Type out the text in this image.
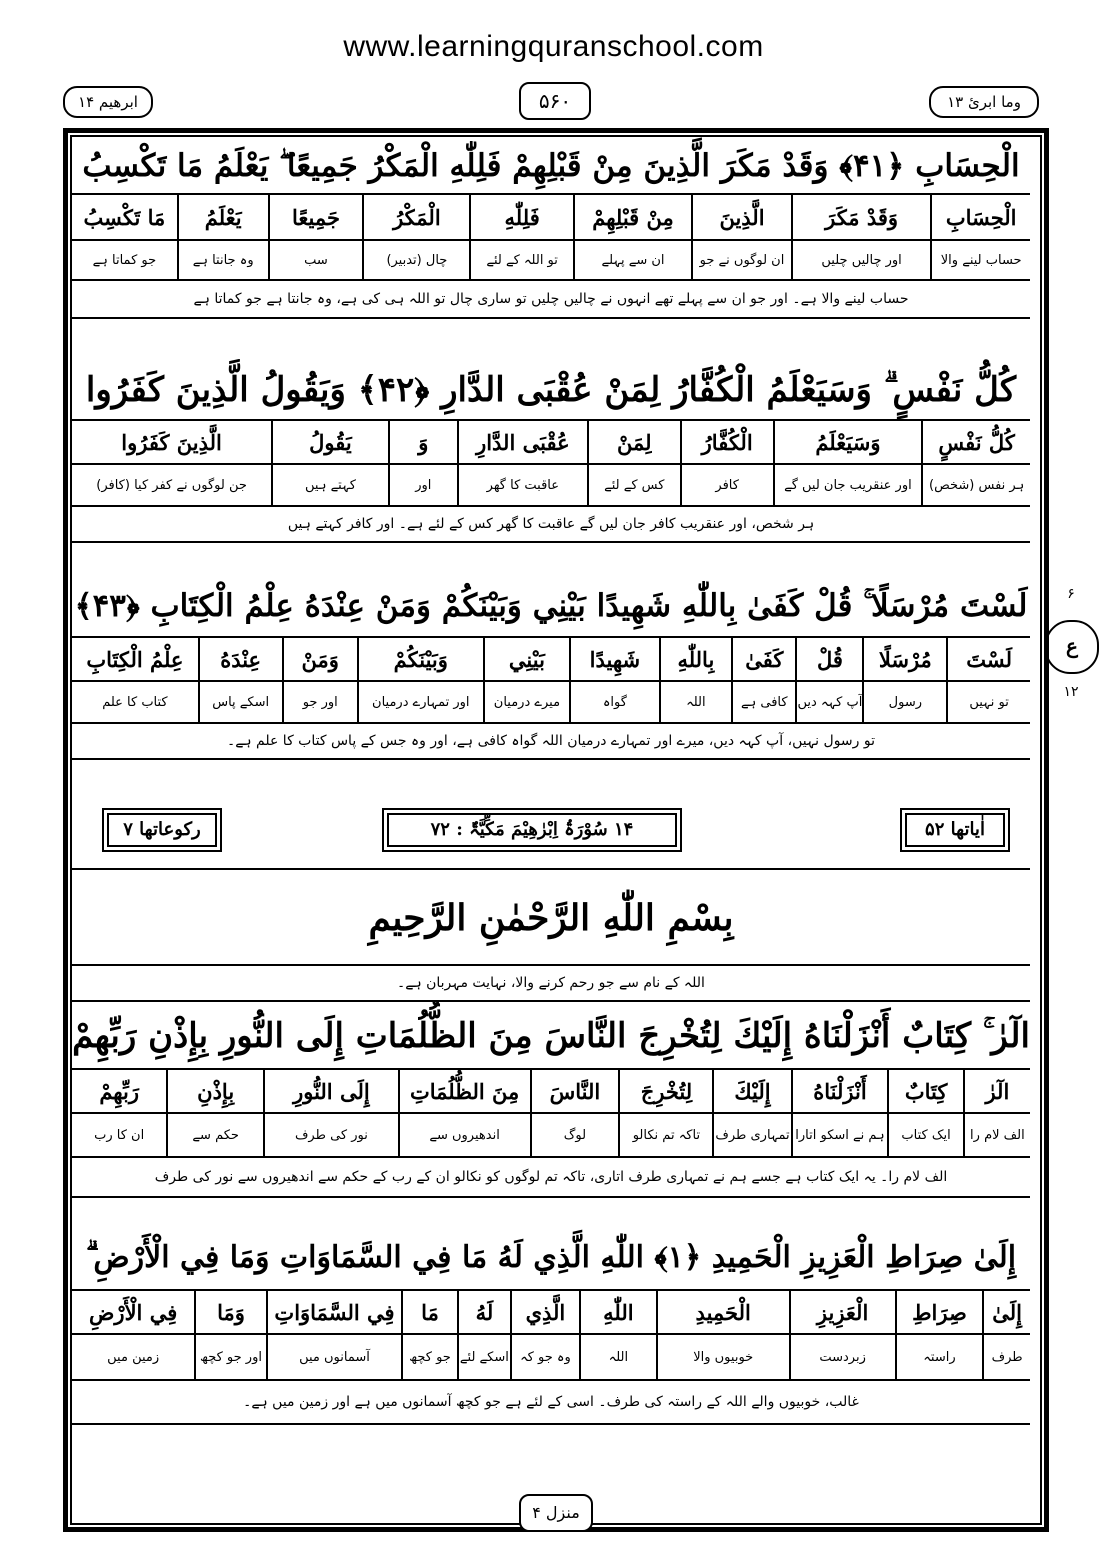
www.learningquranschool.com
ابرهيم ۱۴	۵۶۰	وما ابرئ ۱۳
۶
ع
۱۲
اٰیاتھا ۵۲
۱۴ سُوْرَۃُ اِبْرٰھِیْمَ مَکِّیَّۃٌ : ۷۲
رکوعاتھا ۷
بِسْمِ اللّٰهِ الرَّحْمٰنِ الرَّحِيمِ
اللہ کے نام سے جو رحم کرنے والا، نہایت مہربان ہے۔
الْحِسَابِ ﴿۴۱﴾ وَقَدْ مَكَرَ الَّذِينَ مِنْ قَبْلِهِمْ فَلِلّٰهِ الْمَكْرُ جَمِيعًا ۖ يَعْلَمُ مَا تَكْسِبُ
الْحِسَابِ
وَقَدْ مَكَرَ
الَّذِينَ
مِنْ قَبْلِهِمْ
فَلِلّٰهِ
الْمَكْرُ
جَمِيعًا
يَعْلَمُ
مَا تَكْسِبُ
حساب لینے والا
اور چالیں چلیں
ان لوگوں نے جو
ان سے پہلے
تو اللہ کے لئے
چال (تدبیر)
سب
وہ جانتا ہے
جو کماتا ہے
حساب لینے والا ہے۔ اور جو ان سے پہلے تھے انہوں نے چالیں چلیں تو ساری چال تو اللہ ہی کی ہے، وہ جانتا ہے جو کماتا ہے
كُلُّ نَفْسٍ ۗ وَسَيَعْلَمُ الْكُفَّارُ لِمَنْ عُقْبَى الدَّارِ ﴿۴۲﴾ وَيَقُولُ الَّذِينَ كَفَرُوا
كُلُّ نَفْسٍ
وَسَيَعْلَمُ
الْكُفَّارُ
لِمَنْ
عُقْبَى الدَّارِ
وَ
يَقُولُ
الَّذِينَ كَفَرُوا
ہر نفس (شخص)
اور عنقریب جان لیں گے
کافر
کس کے لئے
عاقبت کا گھر
اور
کہتے ہیں
جن لوگوں نے کفر کیا (کافر)
ہر شخص، اور عنقریب کافر جان لیں گے عاقبت کا گھر کس کے لئے ہے۔ اور کافر کہتے ہیں
لَسْتَ مُرْسَلًا ۚ قُلْ كَفَىٰ بِاللّٰهِ شَهِيدًا بَيْنِي وَبَيْنَكُمْ وَمَنْ عِنْدَهُ عِلْمُ الْكِتَابِ ﴿۴۳﴾
لَسْتَ
مُرْسَلًا
قُلْ
كَفَىٰ
بِاللّٰهِ
شَهِيدًا
بَيْنِي
وَبَيْنَكُمْ
وَمَنْ
عِنْدَهُ
عِلْمُ الْكِتَابِ
تو نہیں
رسول
آپ کہہ دیں
کافی ہے
اللہ
گواہ
میرے درمیان
اور تمہارے درمیان
اور جو
اسکے پاس
کتاب کا علم
تو رسول نہیں، آپ کہہ دیں، میرے اور تمہارے درمیان اللہ گواہ کافی ہے، اور وہ جس کے پاس کتاب کا علم ہے۔
الٓرٰ ۚ كِتَابٌ أَنْزَلْنَاهُ إِلَيْكَ لِتُخْرِجَ النَّاسَ مِنَ الظُّلُمَاتِ إِلَى النُّورِ بِإِذْنِ رَبِّهِمْ
الٓرٰ
كِتَابٌ
أَنْزَلْنَاهُ
إِلَيْكَ
لِتُخْرِجَ
النَّاسَ
مِنَ الظُّلُمَاتِ
إِلَى النُّورِ
بِإِذْنِ
رَبِّهِمْ
الف لام را
ایک کتاب
ہم نے اسکو اتارا
تمہاری طرف
تاکہ تم نکالو
لوگ
اندھیروں سے
نور کی طرف
حکم سے
ان کا رب
الف لام را۔ یہ ایک کتاب ہے جسے ہم نے تمہاری طرف اتاری، تاکہ تم لوگوں کو نکالو ان کے رب کے حکم سے اندھیروں سے نور کی طرف
إِلَىٰ صِرَاطِ الْعَزِيزِ الْحَمِيدِ ﴿۱﴾ اللّٰهِ الَّذِي لَهُ مَا فِي السَّمَاوَاتِ وَمَا فِي الْأَرْضِ ۗ
إِلَىٰ
صِرَاطِ
الْعَزِيزِ
الْحَمِيدِ
اللّٰهِ
الَّذِي
لَهُ
مَا
فِي السَّمَاوَاتِ
وَمَا
فِي الْأَرْضِ
طرف
راستہ
زبردست
خوبیوں والا
اللہ
وہ جو کہ
اسکے لئے
جو کچھ
آسمانوں میں
اور جو کچھ
زمین میں
غالب، خوبیوں والے اللہ کے راستہ کی طرف۔ اسی کے لئے ہے جو کچھ آسمانوں میں ہے اور زمین میں ہے۔
منزل ۴
